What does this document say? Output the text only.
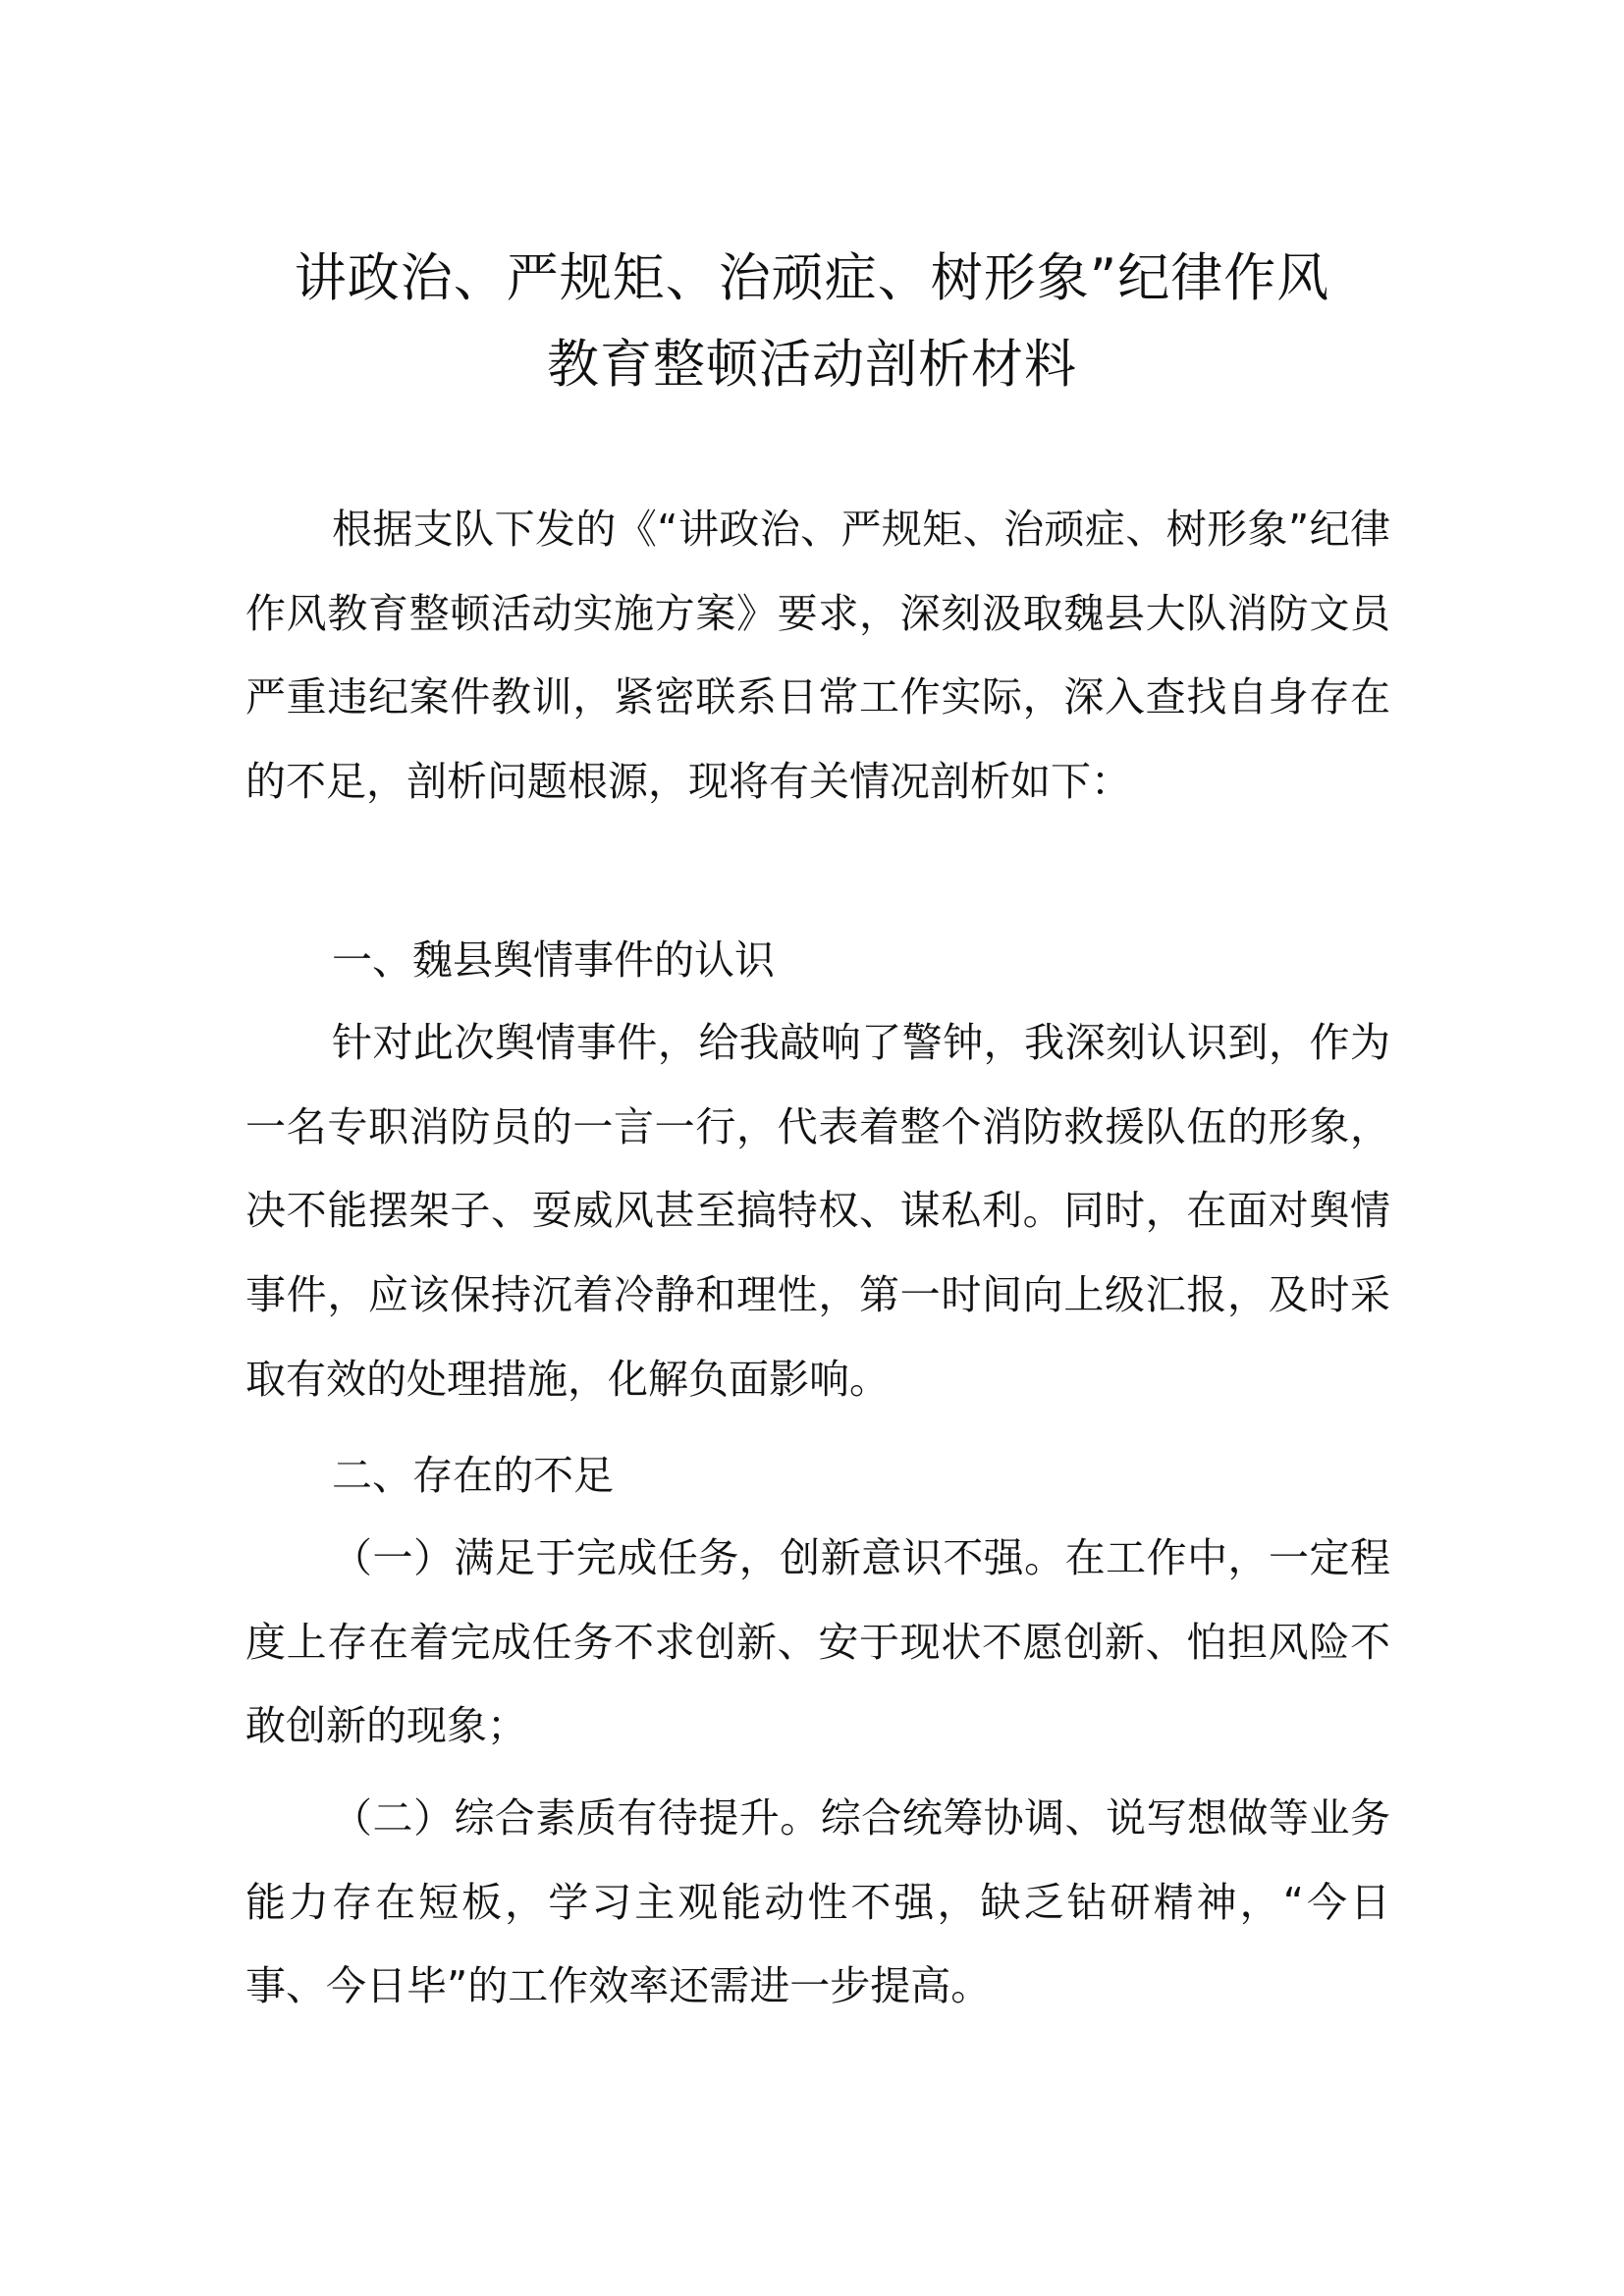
讲政治、严规矩、治顽症、树形象”纪律作风
教育整顿活动剖析材料

根据支队下发的《“讲政治、严规矩、治顽症、树形象”纪律作风教育整顿活动实施方案》要求，深刻汲取魏县大队消防文员严重违纪案件教训，紧密联系日常工作实际，深入查找自身存在的不足，剖析问题根源，现将有关情况剖析如下：

一、魏县舆情事件的认识

针对此次舆情事件，给我敲响了警钟，我深刻认识到，作为一名专职消防员的一言一行，代表着整个消防救援队伍的形象，决不能摆架子、耍威风甚至搞特权、谋私利。同时，在面对舆情事件，应该保持沉着冷静和理性，第一时间向上级汇报，及时采取有效的处理措施，化解负面影响。

二、存在的不足

（一）满足于完成任务，创新意识不强。在工作中，一定程度上存在着完成任务不求创新、安于现状不愿创新、怕担风险不敢创新的现象；

（二）综合素质有待提升。综合统筹协调、说写想做等业务能力存在短板，学习主观能动性不强，缺乏钻研精神，“今日事、今日毕”的工作效率还需进一步提高。
